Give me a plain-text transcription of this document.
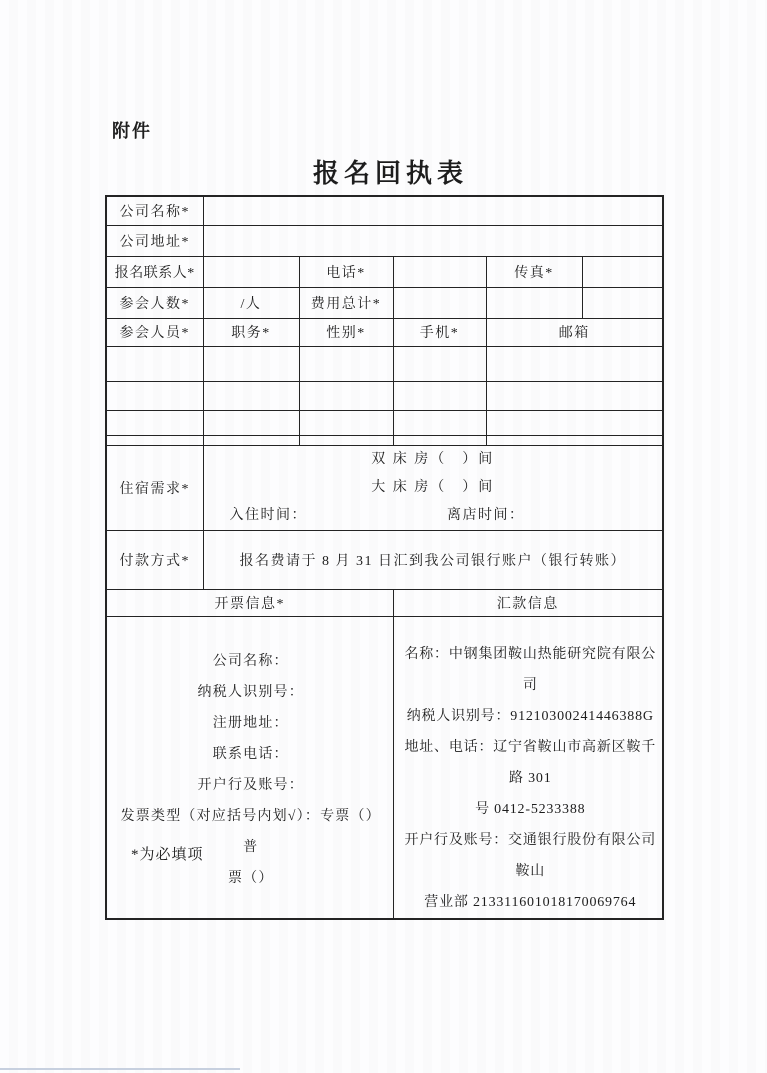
附件
报名回执表
公司名称*					
公司地址*					
报名联系人*		电话*		传真*	
参会人数*	/人	费用总计*			
参会人员*	职务*	性别*	手机*	邮箱	

住宿需求*	双 床 房（　）间
大 床 房（　）间
入住时间： 离店时间：				

付款方式*	报名费请于 8 月 31 日汇到我公司银行账户（银行转账）				
开票信息*			汇款信息		

公司名称：

纳税人识别号：

注册地址：

联系电话：

开户行及账号：

发票类型（对应括号内划√）：专票（）普

票（）

名称：中钢集团鞍山热能研究院有限公司

纳税人识别号：91210300241446388G

地址、电话：辽宁省鞍山市高新区鞍千路 301

号 0412-5233388

开户行及账号：交通银行股份有限公司鞍山

营业部 213311601018170069764

*为必填项
